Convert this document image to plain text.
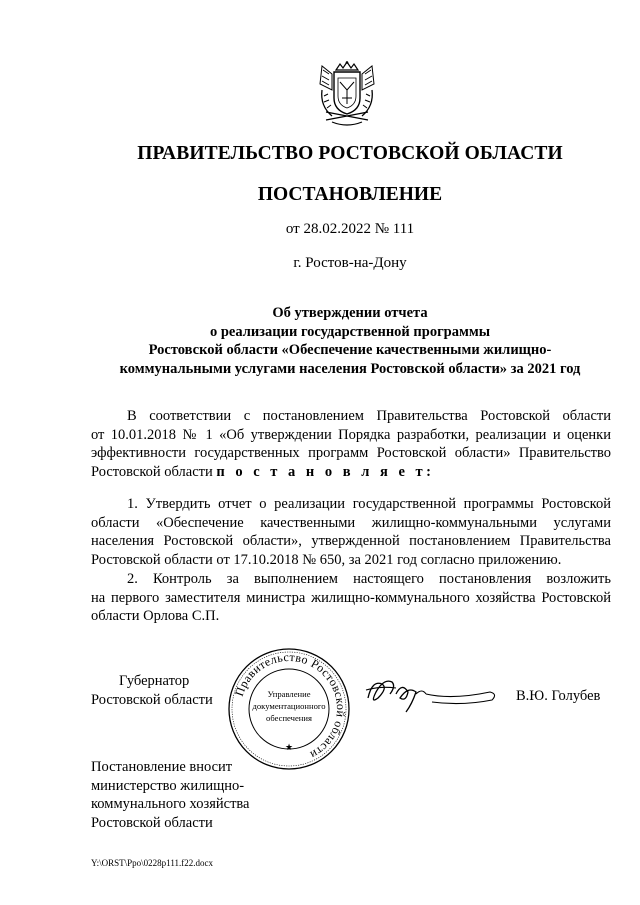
ПРАВИТЕЛЬСТВО РОСТОВСКОЙ ОБЛАСТИ
ПОСТАНОВЛЕНИЕ
от 28.02.2022 № 111
г. Ростов-на-Дону
Об утверждении отчета
о реализации государственной программы
Ростовской области «Обеспечение качественными жилищно-
коммунальными услугами населения Ростовской области» за 2021 год
В соответствии с постановлением Правительства Ростовской области
от 10.01.2018 № 1 «Об утверждении Порядка разработки, реализации и оценки
эффективности государственных программ Ростовской области» Правительство
Ростовской области п о с т а н о в л я е т:
1. Утвердить отчет о реализации государственной программы Ростовской
области «Обеспечение качественными жилищно-коммунальными услугами
населения Ростовской области», утвержденной постановлением Правительства
Ростовской области от 17.10.2018 № 650, за 2021 год согласно приложению.
2. Контроль за выполнением настоящего постановления возложить
на первого заместителя министра жилищно-коммунального хозяйства Ростовской
области Орлова С.П.
Губернатор
Ростовской области
Правительство Ростовской области
★
Управление
документационного
обеспечения
В.Ю. Голубев
Постановление вносит
министерство жилищно-
коммунального хозяйства
Ростовской области
Y:\ORST\Ppo\0228p111.f22.docx
